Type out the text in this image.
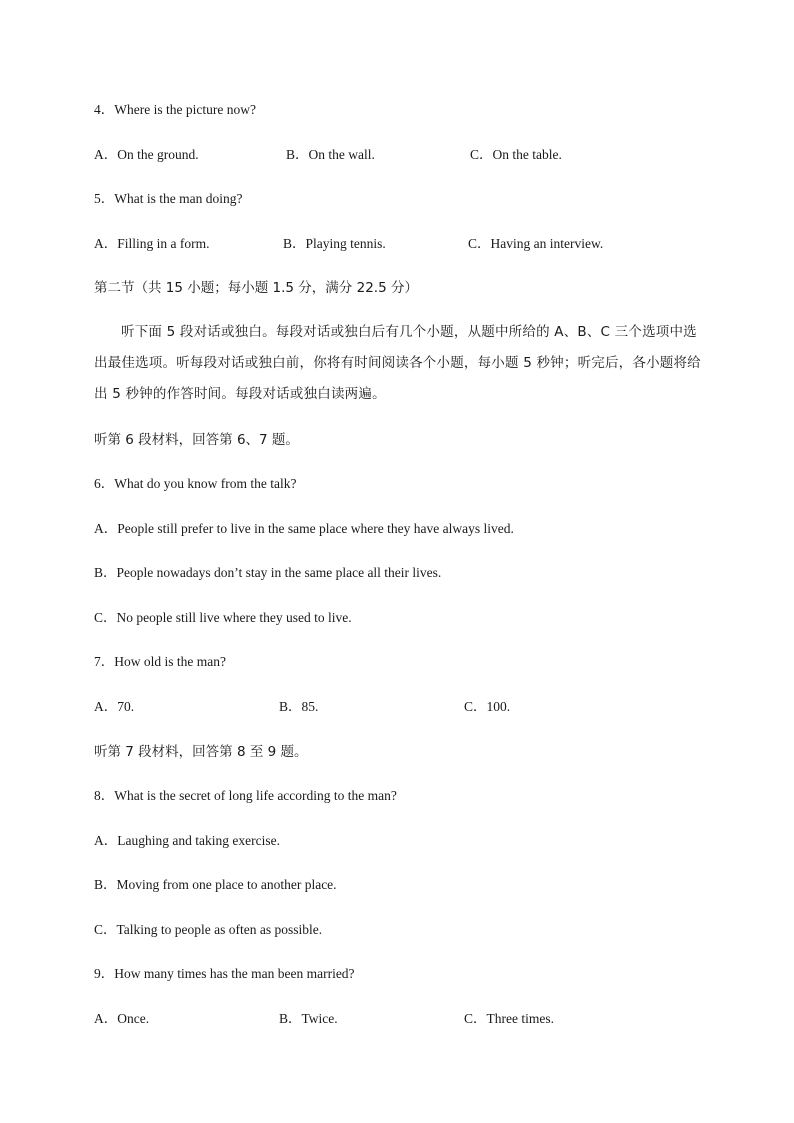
4．Where is the picture now?
A．On the ground.	B．On the wall.	C．On the table.
5．What is the man doing?
A．Filling in a form.	B．Playing tennis.	C．Having an interview.
第二节（共 15 小题；每小题 1.5 分，满分 22.5 分）
听下面 5 段对话或独白。每段对话或独白后有几个小题，从题中所给的 A、B、C 三个选项中选出最佳选项。听每段对话或独白前，你将有时间阅读各个小题，每小题 5 秒钟；听完后，各小题将给出 5 秒钟的作答时间。每段对话或独白读两遍。
听第 6 段材料，回答第 6、7 题。
6．What do you know from the talk?
A．People still prefer to live in the same place where they have always lived.
B．People nowadays don’t stay in the same place all their lives.
C．No people still live where they used to live.
7．How old is the man?
A．70.	B．85.	C．100.
听第 7 段材料，回答第 8 至 9 题。
8．What is the secret of long life according to the man?
A．Laughing and taking exercise.
B．Moving from one place to another place.
C．Talking to people as often as possible.
9．How many times has the man been married?
A．Once.	B．Twice.	C．Three times.
